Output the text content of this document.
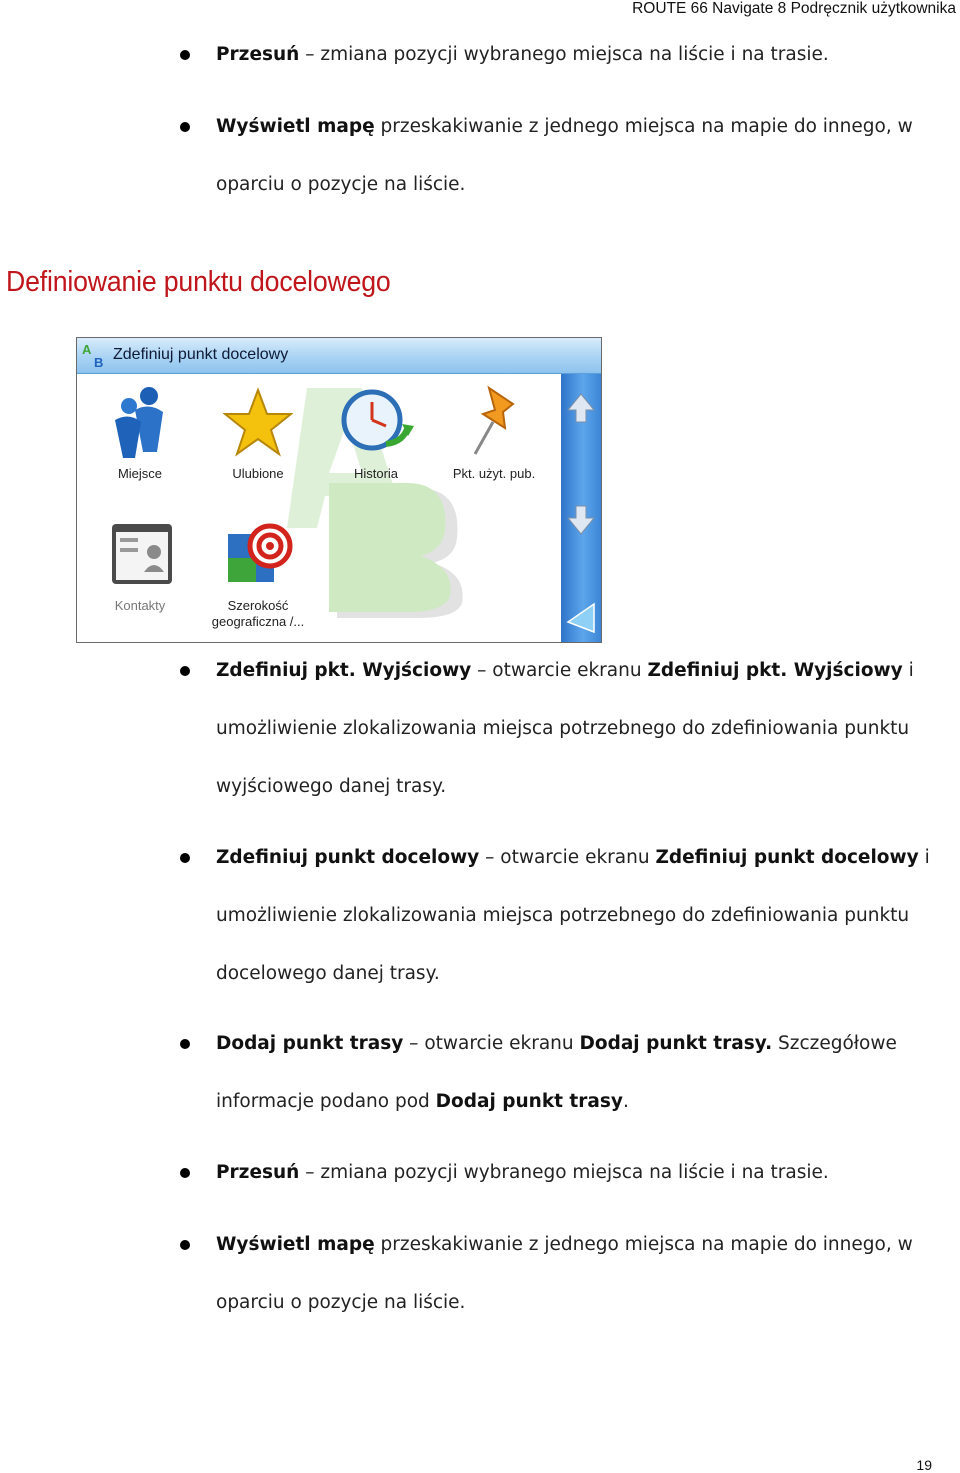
ROUTE 66 Navigate 8 Podręcznik użytkownika
Przesuń – zmiana pozycji wybranego miejsca na liście i na trasie.
Wyświetl mapę przeskakiwanie z jednego miejsca na mapie do innego, w
oparciu o pozycje na liście.
Definiowanie punktu docelowego
A
B Zdefiniuj punkt docelowy
Miejsce	Ulubione	Historia	Pkt. użyt. pub.
Kontakty	Szerokość
geograficzna /...
Zdefiniuj pkt. Wyjściowy – otwarcie ekranu Zdefiniuj pkt. Wyjściowy i
umożliwienie zlokalizowania miejsca potrzebnego do zdefiniowania punktu
wyjściowego danej trasy.
Zdefiniuj punkt docelowy – otwarcie ekranu Zdefiniuj punkt docelowy i
umożliwienie zlokalizowania miejsca potrzebnego do zdefiniowania punktu
docelowego danej trasy.
Dodaj punkt trasy – otwarcie ekranu Dodaj punkt trasy. Szczegółowe
informacje podano pod Dodaj punkt trasy.
Przesuń – zmiana pozycji wybranego miejsca na liście i na trasie.
Wyświetl mapę przeskakiwanie z jednego miejsca na mapie do innego, w
oparciu o pozycje na liście.
19
